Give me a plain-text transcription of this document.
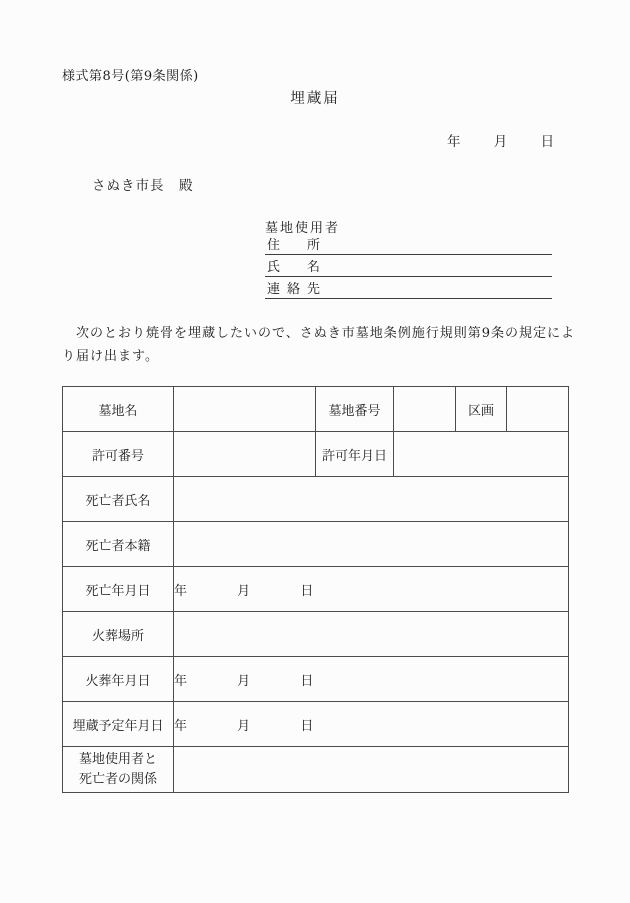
様式第8号(第9条関係)
埋蔵届
年 月 日
さぬき市長　殿
墓地使用者
住 所
氏 名
連 絡 先
　次のとおり焼骨を埋蔵したいので、さぬき市墓地条例施行規則第9条の規定によ
り届け出ます。
墓地名		墓地番号		区画	
許可番号		許可年月日			
死亡者氏名					
死亡者本籍					
死亡年月日	年 月 日				
火葬場所					
火葬年月日	年 月 日				
埋蔵予定年月日	年 月 日				

墓地使用者と
死亡者の関係					
